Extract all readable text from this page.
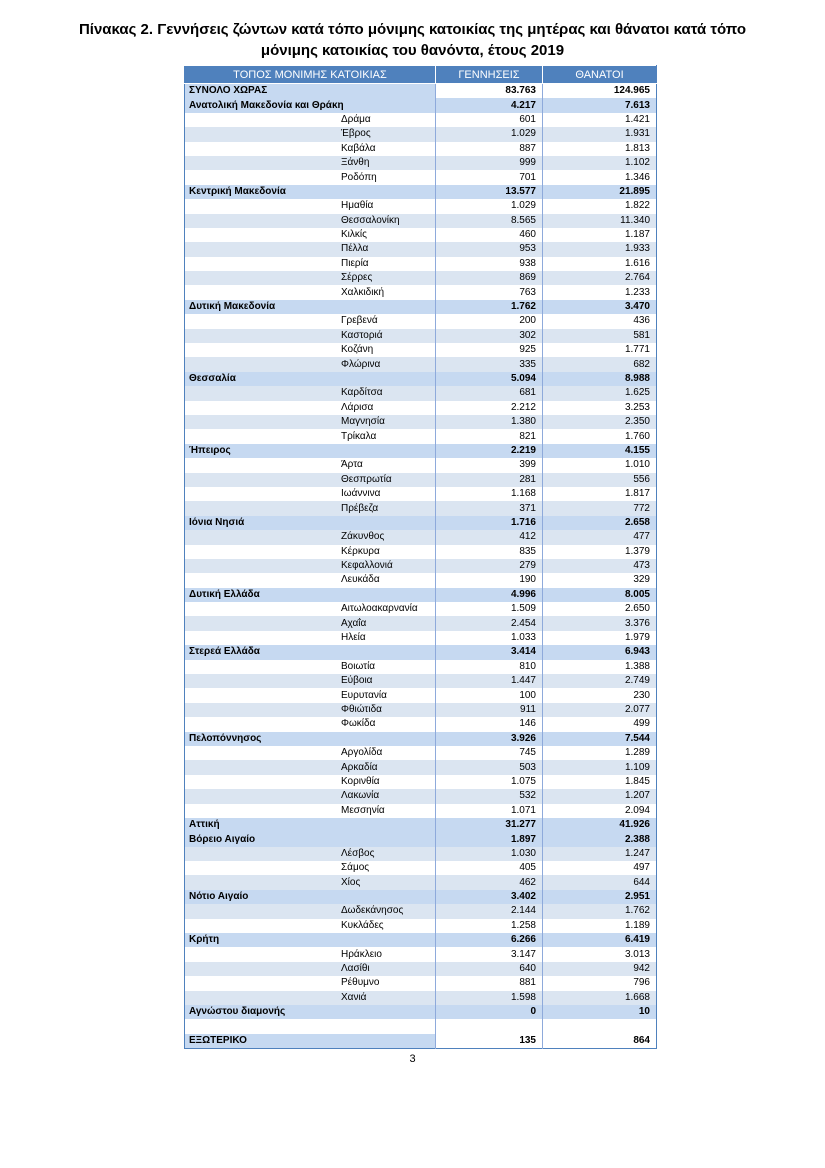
Πίνακας 2. Γεννήσεις ζώντων κατά τόπο μόνιμης κατοικίας της μητέρας και θάνατοι κατά τόπο μόνιμης κατοικίας του θανόντα, έτους 2019
ΤΟΠΟΣ ΜΟΝΙΜΗΣ ΚΑΤΟΙΚΙΑΣ	ΓΕΝΝΗΣΕΙΣ	ΘΑΝΑΤΟΙ
ΣΥΝΟΛΟ ΧΩΡΑΣ	83.763	124.965
Ανατολική Μακεδονία και Θράκη	4.217	7.613
Δράμα	601	1.421
Έβρος	1.029	1.931
Καβάλα	887	1.813
Ξάνθη	999	1.102
Ροδόπη	701	1.346
Κεντρική Μακεδονία	13.577	21.895
Ημαθία	1.029	1.822
Θεσσαλονίκη	8.565	11.340
Κιλκίς	460	1.187
Πέλλα	953	1.933
Πιερία	938	1.616
Σέρρες	869	2.764
Χαλκιδική	763	1.233
Δυτική Μακεδονία	1.762	3.470
Γρεβενά	200	436
Καστοριά	302	581
Κοζάνη	925	1.771
Φλώρινα	335	682
Θεσσαλία	5.094	8.988
Καρδίτσα	681	1.625
Λάρισα	2.212	3.253
Μαγνησία	1.380	2.350
Τρίκαλα	821	1.760
Ήπειρος	2.219	4.155
Άρτα	399	1.010
Θεσπρωτία	281	556
Ιωάννινα	1.168	1.817
Πρέβεζα	371	772
Ιόνια Νησιά	1.716	2.658
Ζάκυνθος	412	477
Κέρκυρα	835	1.379
Κεφαλλονιά	279	473
Λευκάδα	190	329
Δυτική Ελλάδα	4.996	8.005
Αιτωλοακαρνανία	1.509	2.650
Αχαΐα	2.454	3.376
Ηλεία	1.033	1.979
Στερεά Ελλάδα	3.414	6.943
Βοιωτία	810	1.388
Εύβοια	1.447	2.749
Ευρυτανία	100	230
Φθιώτιδα	911	2.077
Φωκίδα	146	499
Πελοπόννησος	3.926	7.544
Αργολίδα	745	1.289
Αρκαδία	503	1.109
Κορινθία	1.075	1.845
Λακωνία	532	1.207
Μεσσηνία	1.071	2.094
Αττική	31.277	41.926
Βόρειο Αιγαίο	1.897	2.388
Λέσβος	1.030	1.247
Σάμος	405	497
Χίος	462	644
Νότιο Αιγαίο	3.402	2.951
Δωδεκάνησος	2.144	1.762
Κυκλάδες	1.258	1.189
Κρήτη	6.266	6.419
Ηράκλειο	3.147	3.013
Λασίθι	640	942
Ρέθυμνο	881	796
Χανιά	1.598	1.668
Αγνώστου διαμονής	0	10

ΕΞΩΤΕΡΙΚΟ	135	864
3
